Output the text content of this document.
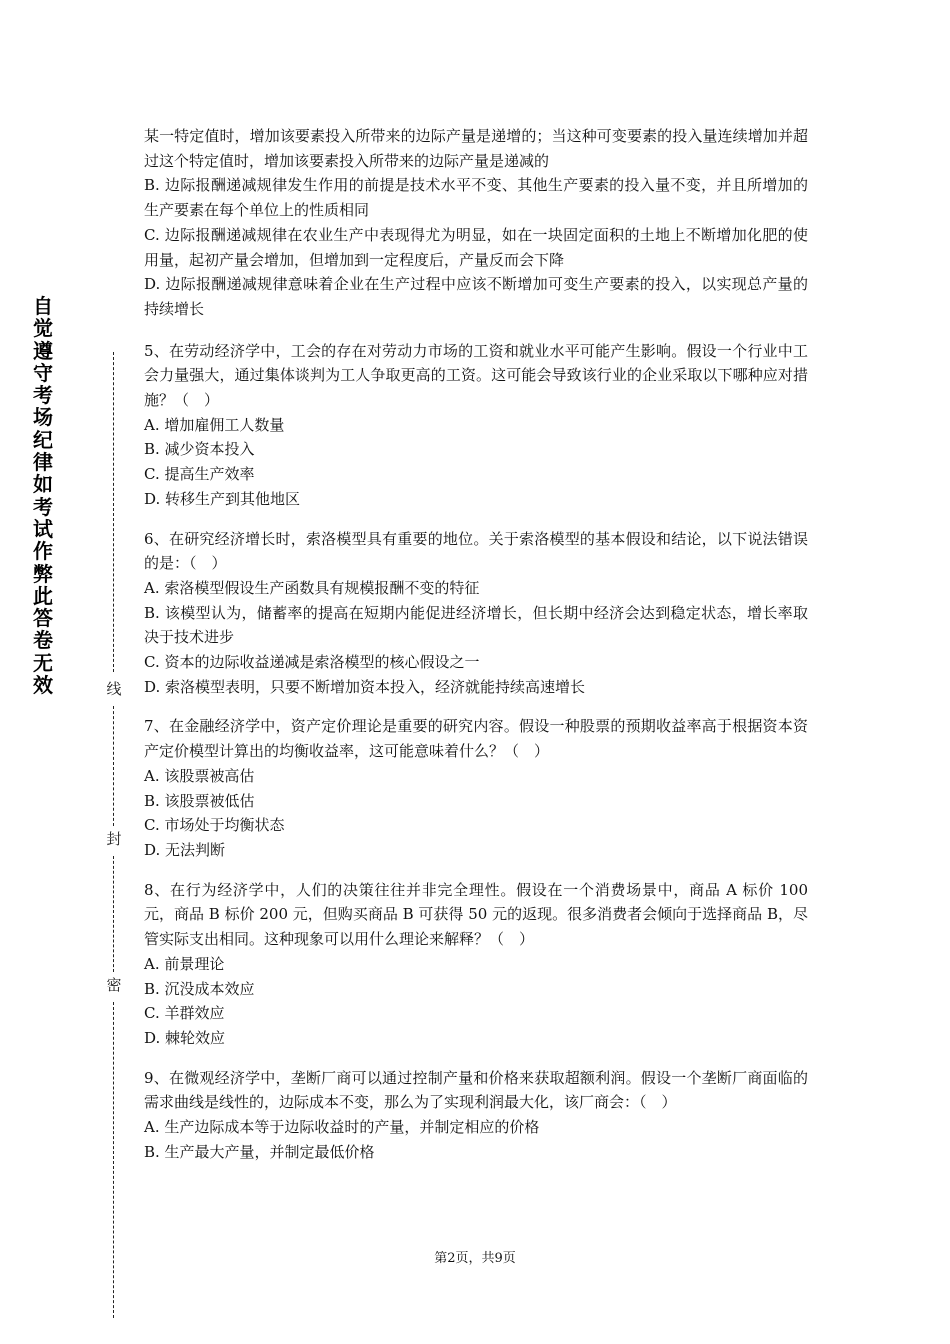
自觉遵守考场纪律如考试作弊此答卷无效	线
封
密

某一特定值时，增加该要素投入所带来的边际产量是递增的；当这种可变要素的投入量连续增加并超过这个特定值时，增加该要素投入所带来的边际产量是递减的

B. 边际报酬递减规律发生作用的前提是技术水平不变、其他生产要素的投入量不变，并且所增加的生产要素在每个单位上的性质相同

C. 边际报酬递减规律在农业生产中表现得尤为明显，如在一块固定面积的土地上不断增加化肥的使用量，起初产量会增加，但增加到一定程度后，产量反而会下降

D. 边际报酬递减规律意味着企业在生产过程中应该不断增加可变生产要素的投入，以实现总产量的持续增长

5、在劳动经济学中，工会的存在对劳动力市场的工资和就业水平可能产生影响。假设一个行业中工会力量强大，通过集体谈判为工人争取更高的工资。这可能会导致该行业的企业采取以下哪种应对措施？（　）

A. 增加雇佣工人数量

B. 减少资本投入

C. 提高生产效率

D. 转移生产到其他地区

6、在研究经济增长时，索洛模型具有重要的地位。关于索洛模型的基本假设和结论，以下说法错误的是：（　）

A. 索洛模型假设生产函数具有规模报酬不变的特征

B. 该模型认为，储蓄率的提高在短期内能促进经济增长，但长期中经济会达到稳定状态，增长率取决于技术进步

C. 资本的边际收益递减是索洛模型的核心假设之一

D. 索洛模型表明，只要不断增加资本投入，经济就能持续高速增长

7、在金融经济学中，资产定价理论是重要的研究内容。假设一种股票的预期收益率高于根据资本资产定价模型计算出的均衡收益率，这可能意味着什么？（　）

A. 该股票被高估

B. 该股票被低估

C. 市场处于均衡状态

D. 无法判断

8、在行为经济学中，人们的决策往往并非完全理性。假设在一个消费场景中，商品 A 标价 100 元，商品 B 标价 200 元，但购买商品 B 可获得 50 元的返现。很多消费者会倾向于选择商品 B，尽管实际支出相同。这种现象可以用什么理论来解释？（　）

A. 前景理论

B. 沉没成本效应

C. 羊群效应

D. 棘轮效应

9、在微观经济学中，垄断厂商可以通过控制产量和价格来获取超额利润。假设一个垄断厂商面临的需求曲线是线性的，边际成本不变，那么为了实现利润最大化，该厂商会：（　）

A. 生产边际成本等于边际收益时的产量，并制定相应的价格

B. 生产最大产量，并制定最低价格

第2页，共9页
